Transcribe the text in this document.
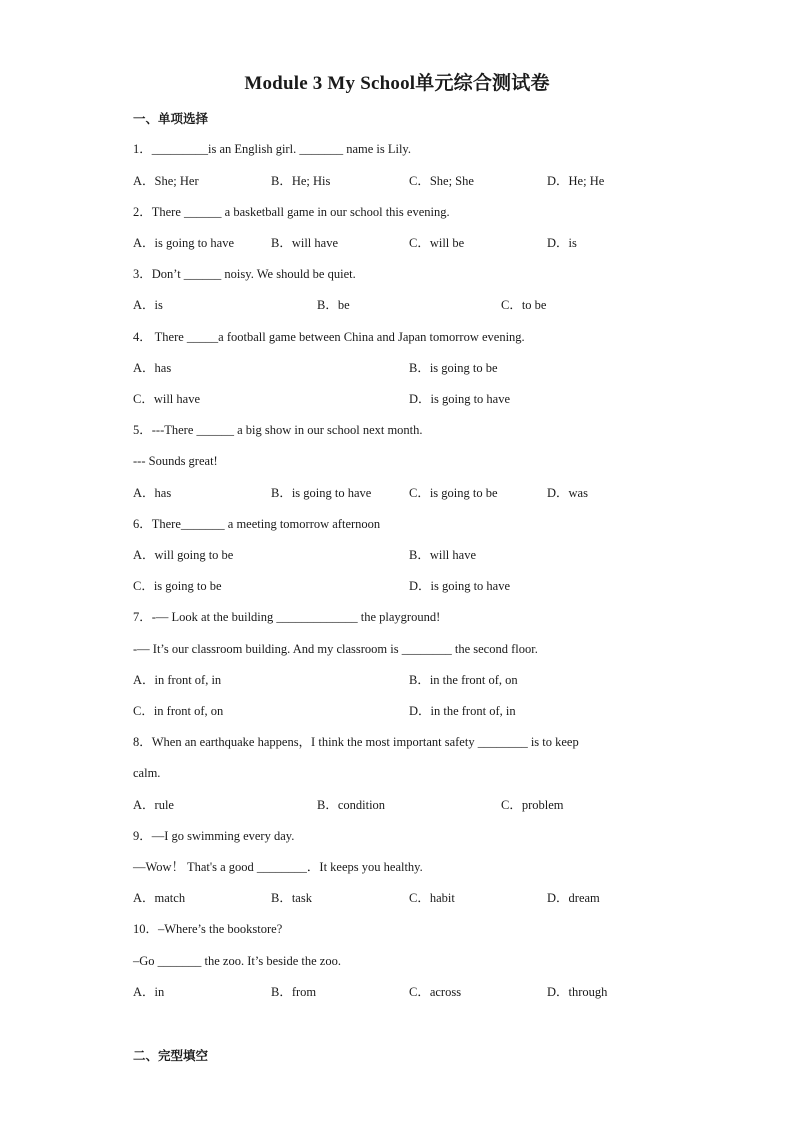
Module 3 My School单元综合测试卷
一、单项选择
1．_________is an English girl. _______ name is Lily.
A．She; Her	B．He; His	C．She; She	D．He; He
2．There ______ a basketball game in our school this evening.
A．is going to have	B．will have	C．will be	D．is
3．Don’t ______ noisy. We should be quiet.
A．is	B．be	C．to be
4． There _____a football game between China and Japan tomorrow evening.
A．has	B．is going to be
C．will have	D．is going to have
5．---There ______ a big show in our school next month.
--- Sounds great!
A．has	B．is going to have	C．is going to be	D．was
6．There_______ a meeting tomorrow afternoon
A．will going to be	B．will have
C．is going to be	D．is going to have
7．-— Look at the building _____________ the playground!
-— It’s our classroom building. And my classroom is ________ the second floor.
A．in front of, in	B．in the front of, on
C．in front of, on	D．in the front of, in
8．When an earthquake happens，I think the most important safety ________ is to keep
calm.
A．rule	B．condition	C．problem
9．—I go swimming every day.
—Wow！ That's a good ________．It keeps you healthy.
A．match	B．task	C．habit	D．dream
10．–Where’s the bookstore?
–Go _______ the zoo. It’s beside the zoo.
A．in	B．from	C．across	D．through
二、完型填空
